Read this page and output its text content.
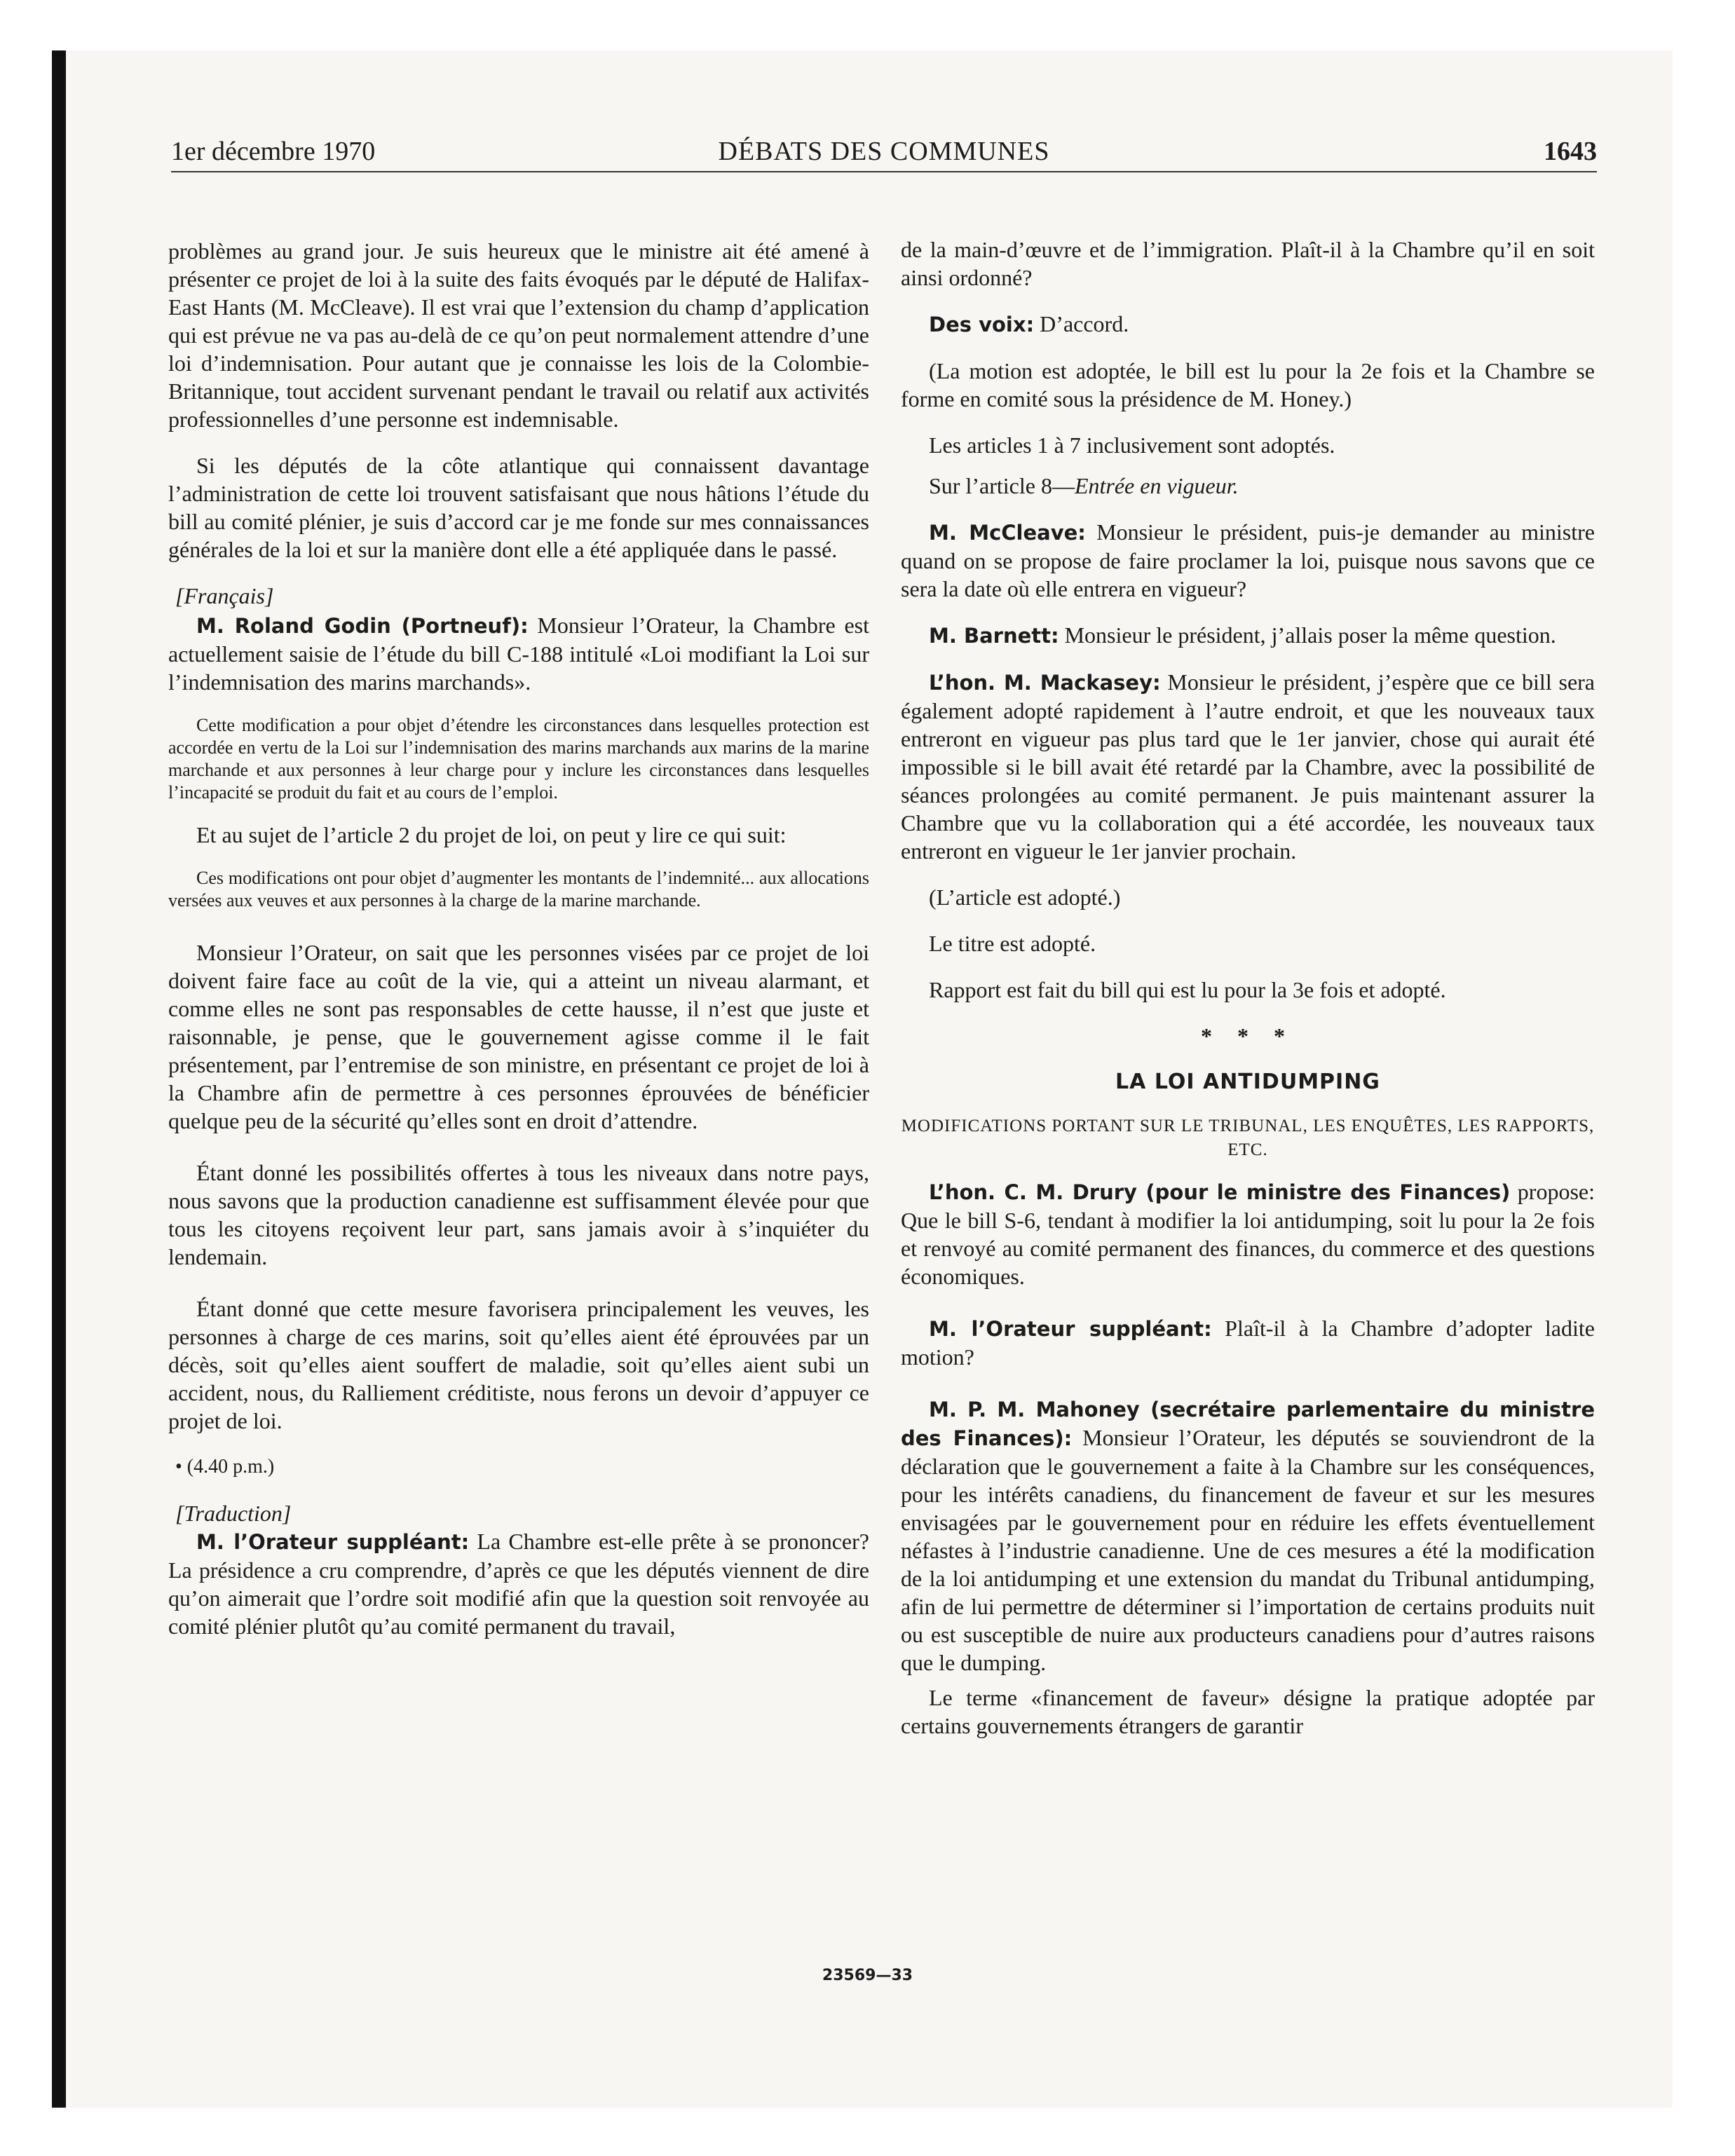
1er décembre 1970	DÉBATS DES COMMUNES	1643

problèmes au grand jour. Je suis heureux que le ministre ait été amené à présenter ce projet de loi à la suite des faits évoqués par le député de Halifax-East Hants (M. McCleave). Il est vrai que l’extension du champ d’application qui est prévue ne va pas au-delà de ce qu’on peut normalement attendre d’une loi d’indemnisation. Pour autant que je connaisse les lois de la Colombie-Britannique, tout accident survenant pendant le travail ou relatif aux activités professionnelles d’une personne est indemnisable.

Si les députés de la côte atlantique qui connaissent davantage l’administration de cette loi trouvent satisfaisant que nous hâtions l’étude du bill au comité plénier, je suis d’accord car je me fonde sur mes connaissances générales de la loi et sur la manière dont elle a été appliquée dans le passé.

[Français]

M. Roland Godin (Portneuf): Monsieur l’Orateur, la Chambre est actuellement saisie de l’étude du bill C-188 intitulé «Loi modifiant la Loi sur l’indemnisation des marins marchands».

Cette modification a pour objet d’étendre les circonstances dans lesquelles protection est accordée en vertu de la Loi sur l’indemnisation des marins marchands aux marins de la marine marchande et aux personnes à leur charge pour y inclure les circonstances dans lesquelles l’incapacité se produit du fait et au cours de l’emploi.

Et au sujet de l’article 2 du projet de loi, on peut y lire ce qui suit:

Ces modifications ont pour objet d’augmenter les montants de l’indemnité... aux allocations versées aux veuves et aux personnes à la charge de la marine marchande.

Monsieur l’Orateur, on sait que les personnes visées par ce projet de loi doivent faire face au coût de la vie, qui a atteint un niveau alarmant, et comme elles ne sont pas responsables de cette hausse, il n’est que juste et raisonnable, je pense, que le gouvernement agisse comme il le fait présentement, par l’entremise de son ministre, en présentant ce projet de loi à la Chambre afin de permettre à ces personnes éprouvées de bénéficier quelque peu de la sécurité qu’elles sont en droit d’attendre.

Étant donné les possibilités offertes à tous les niveaux dans notre pays, nous savons que la production canadienne est suffisamment élevée pour que tous les citoyens reçoivent leur part, sans jamais avoir à s’inquiéter du lendemain.

Étant donné que cette mesure favorisera principalement les veuves, les personnes à charge de ces marins, soit qu’elles aient été éprouvées par un décès, soit qu’elles aient souffert de maladie, soit qu’elles aient subi un accident, nous, du Ralliement créditiste, nous ferons un devoir d’appuyer ce projet de loi.

• (4.40 p.m.)

[Traduction]

M. l’Orateur suppléant: La Chambre est-elle prête à se prononcer? La présidence a cru comprendre, d’après ce que les députés viennent de dire qu’on aimerait que l’ordre soit modifié afin que la question soit renvoyée au comité plénier plutôt qu’au comité permanent du travail,

de la main-d’œuvre et de l’immigration. Plaît-il à la Chambre qu’il en soit ainsi ordonné?

Des voix: D’accord.

(La motion est adoptée, le bill est lu pour la 2e fois et la Chambre se forme en comité sous la présidence de M. Honey.)

Les articles 1 à 7 inclusivement sont adoptés.

Sur l’article 8—Entrée en vigueur.

M. McCleave: Monsieur le président, puis-je demander au ministre quand on se propose de faire proclamer la loi, puisque nous savons que ce sera la date où elle entrera en vigueur?

M. Barnett: Monsieur le président, j’allais poser la même question.

L’hon. M. Mackasey: Monsieur le président, j’espère que ce bill sera également adopté rapidement à l’autre endroit, et que les nouveaux taux entreront en vigueur pas plus tard que le 1er janvier, chose qui aurait été impossible si le bill avait été retardé par la Chambre, avec la possibilité de séances prolongées au comité permanent. Je puis maintenant assurer la Chambre que vu la collaboration qui a été accordée, les nouveaux taux entreront en vigueur le 1er janvier prochain.

(L’article est adopté.)

Le titre est adopté.

Rapport est fait du bill qui est lu pour la 3e fois et adopté.

* * *

LA LOI ANTIDUMPING

MODIFICATIONS PORTANT SUR LE TRIBUNAL, LES ENQUÊTES, LES RAPPORTS, ETC.

L’hon. C. M. Drury (pour le ministre des Finances) propose: Que le bill S-6, tendant à modifier la loi antidumping, soit lu pour la 2e fois et renvoyé au comité permanent des finances, du commerce et des questions économiques.

M. l’Orateur suppléant: Plaît-il à la Chambre d’adopter ladite motion?

M. P. M. Mahoney (secrétaire parlementaire du ministre des Finances): Monsieur l’Orateur, les députés se souviendront de la déclaration que le gouvernement a faite à la Chambre sur les conséquences, pour les intérêts canadiens, du financement de faveur et sur les mesures envisagées par le gouvernement pour en réduire les effets éventuellement néfastes à l’industrie canadienne. Une de ces mesures a été la modification de la loi antidumping et une extension du mandat du Tribunal antidumping, afin de lui permettre de déterminer si l’importation de certains produits nuit ou est susceptible de nuire aux producteurs canadiens pour d’autres raisons que le dumping.

Le terme «financement de faveur» désigne la pratique adoptée par certains gouvernements étrangers de garantir

23569—33
